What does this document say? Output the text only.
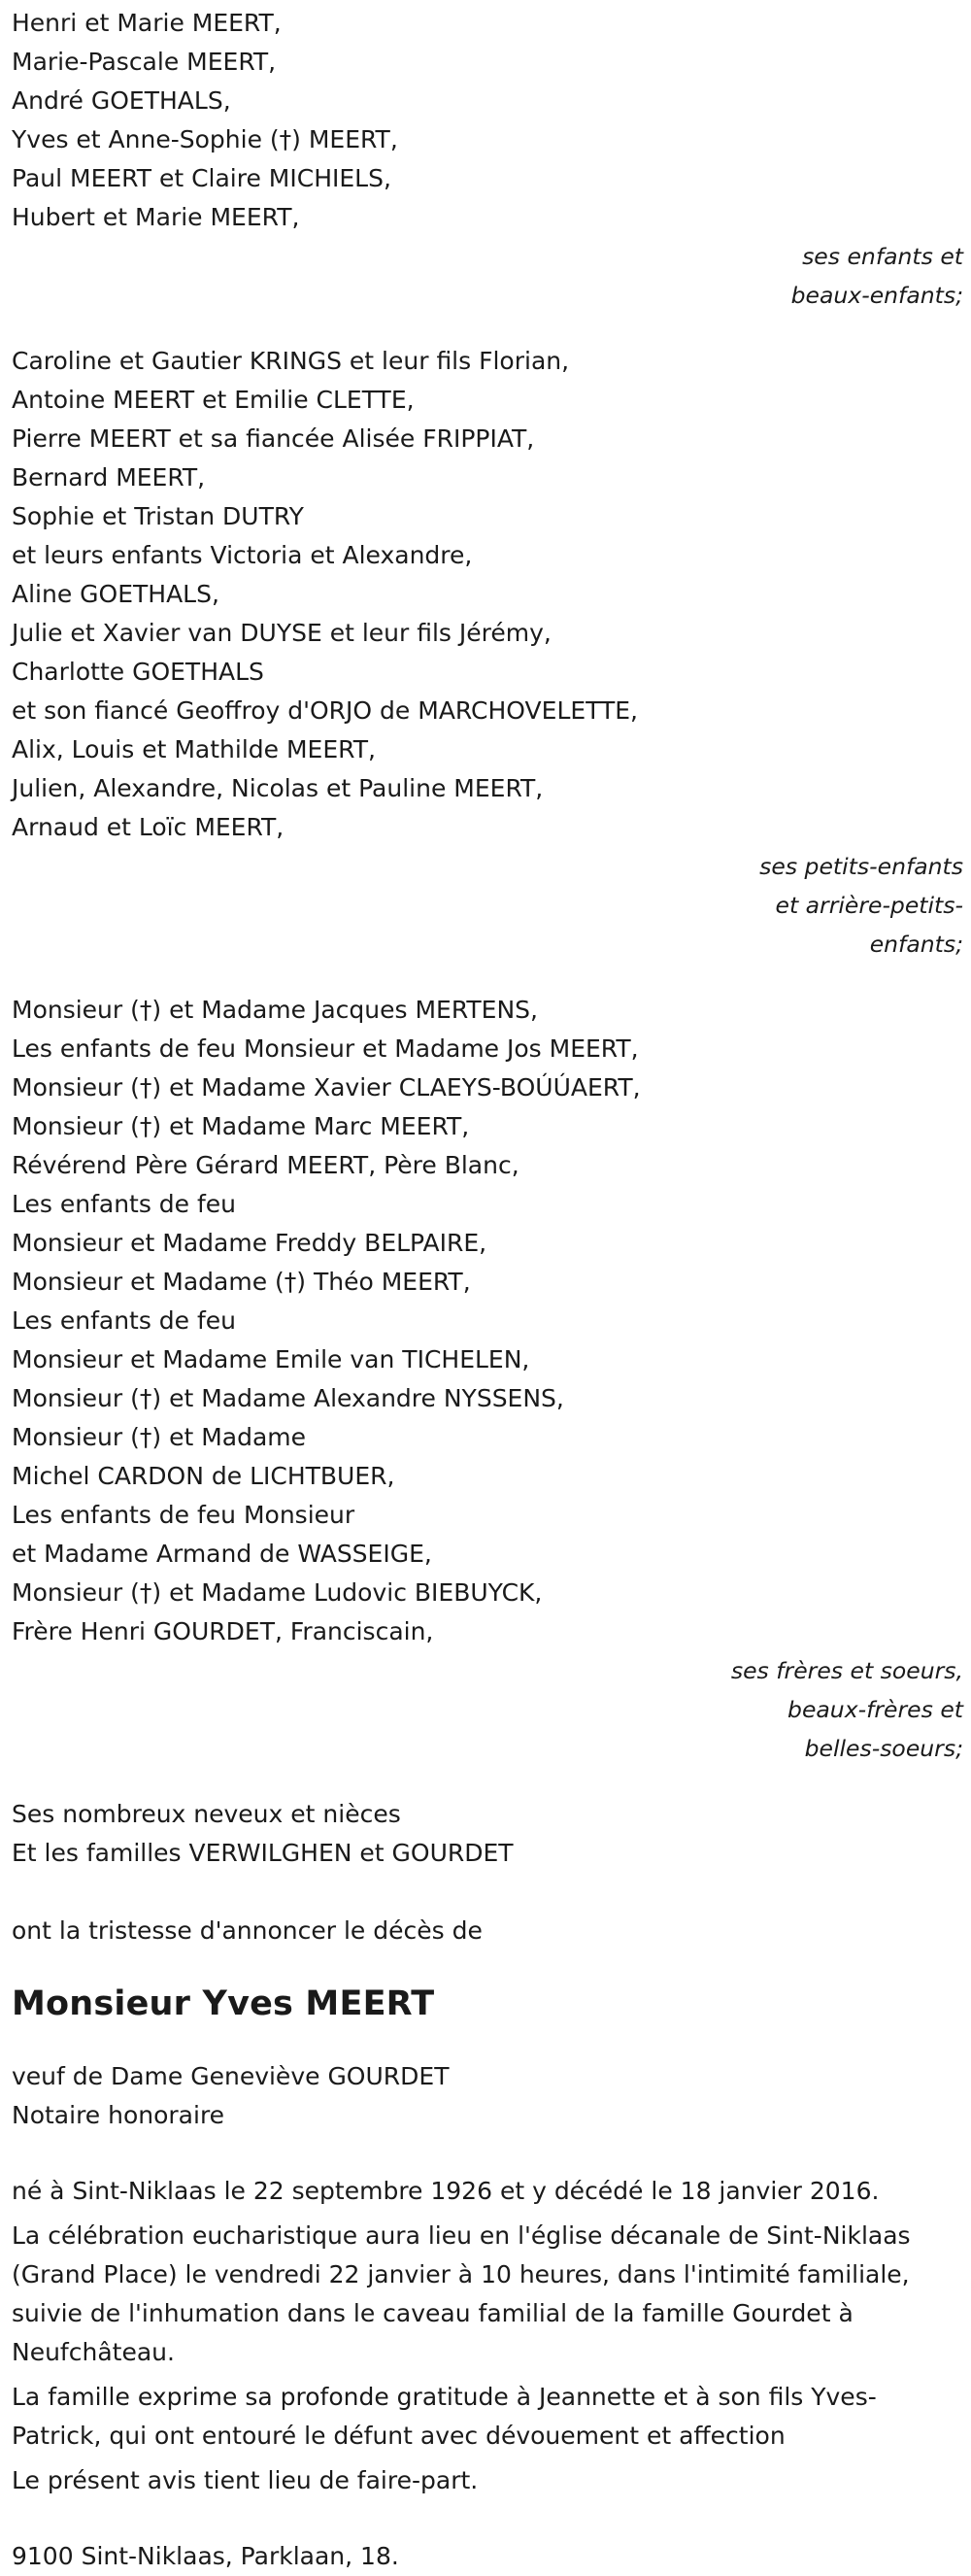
Henri et Marie MEERT,
Marie-Pascale MEERT,
André GOETHALS,
Yves et Anne-Sophie (†) MEERT,
Paul MEERT et Claire MICHIELS,
Hubert et Marie MEERT,
ses enfants et
beaux-enfants;
Caroline et Gautier KRINGS et leur fils Florian,
Antoine MEERT et Emilie CLETTE,
Pierre MEERT et sa fiancée Alisée FRIPPIAT,
Bernard MEERT,
Sophie et Tristan DUTRY
et leurs enfants Victoria et Alexandre,
Aline GOETHALS,
Julie et Xavier van DUYSE et leur fils Jérémy,
Charlotte GOETHALS
et son fiancé Geoffroy d'ORJO de MARCHOVELETTE,
Alix, Louis et Mathilde MEERT,
Julien, Alexandre, Nicolas et Pauline MEERT,
Arnaud et Loïc MEERT,
ses petits-enfants
et arrière-petits-
enfants;
Monsieur (†) et Madame Jacques MERTENS,
Les enfants de feu Monsieur et Madame Jos MEERT,
Monsieur (†) et Madame Xavier CLAEYS-BOÚÚAERT,
Monsieur (†) et Madame Marc MEERT,
Révérend Père Gérard MEERT, Père Blanc,
Les enfants de feu
Monsieur et Madame Freddy BELPAIRE,
Monsieur et Madame (†) Théo MEERT,
Les enfants de feu
Monsieur et Madame Emile van TICHELEN,
Monsieur (†) et Madame Alexandre NYSSENS,
Monsieur (†) et Madame
Michel CARDON de LICHTBUER,
Les enfants de feu Monsieur
et Madame Armand de WASSEIGE,
Monsieur (†) et Madame Ludovic BIEBUYCK,
Frère Henri GOURDET, Franciscain,
ses frères et soeurs,
beaux-frères et
belles-soeurs;
Ses nombreux neveux et nièces
Et les familles VERWILGHEN et GOURDET
ont la tristesse d'annoncer le décès de
Monsieur Yves MEERT
veuf de Dame Geneviève GOURDET
Notaire honoraire
né à Sint-Niklaas le 22 septembre 1926 et y décédé le 18 janvier 2016.
La célébration eucharistique aura lieu en l'église décanale de Sint-Niklaas (Grand Place) le vendredi 22 janvier à 10 heures, dans l'intimité familiale, suivie de l'inhumation dans le caveau familial de la famille Gourdet à Neufchâteau.
La famille exprime sa profonde gratitude à Jeannette et à son fils Yves-Patrick, qui ont entouré le défunt avec dévouement et affection
Le présent avis tient lieu de faire-part.
9100 Sint-Niklaas, Parklaan, 18.
